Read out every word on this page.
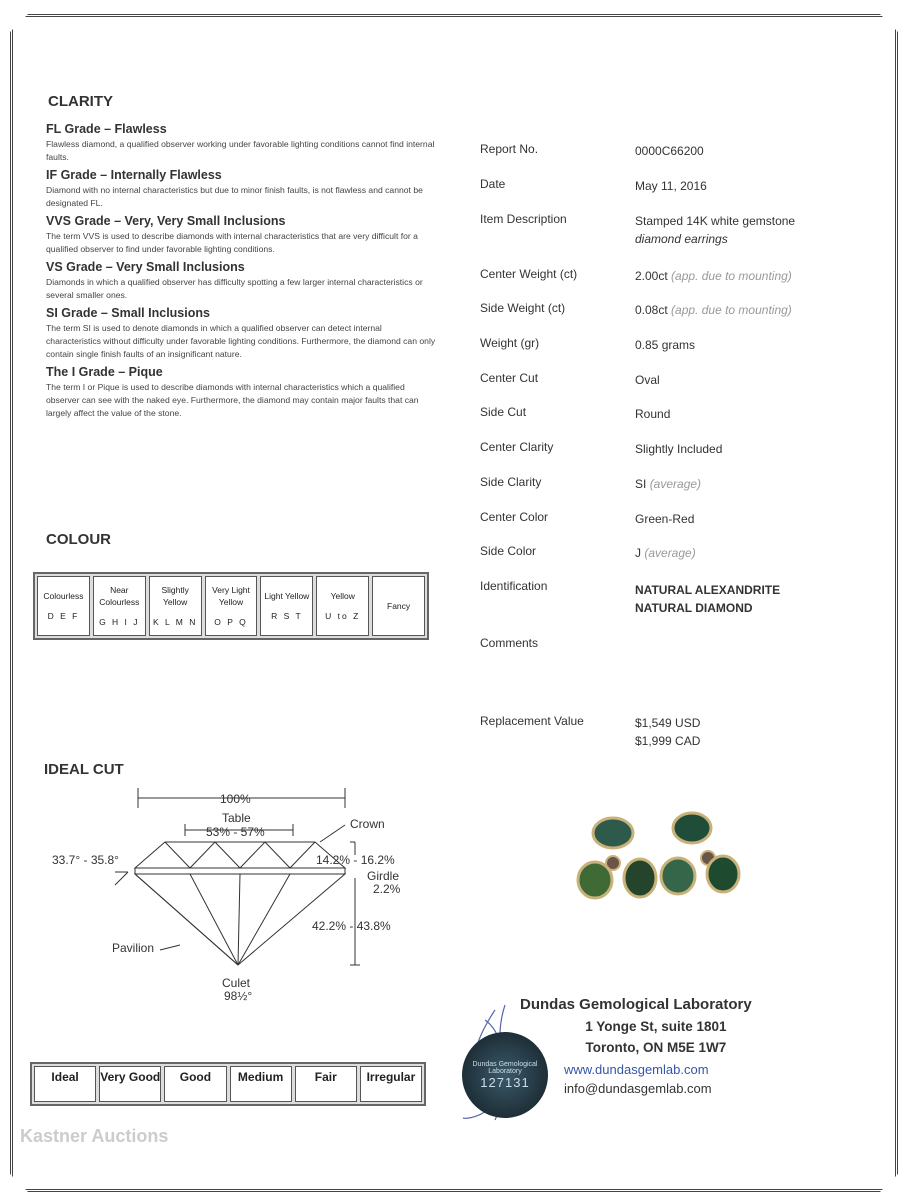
CLARITY
FL Grade – Flawless

Flawless diamond, a qualified observer working under favorable lighting conditions cannot find internal faults.

IF Grade – Internally Flawless

Diamond with no internal characteristics but due to minor finish faults, is not flawless and cannot be designated FL.

VVS Grade – Very, Very Small Inclusions

The term VVS is used to describe diamonds with internal characteristics that are very difficult for a qualified observer to find under favorable lighting conditions.

VS Grade – Very Small Inclusions

Diamonds in which a qualified observer has difficulty spotting a few larger internal characteristics or several smaller ones.

SI Grade – Small Inclusions

The term SI is used to denote diamonds in which a qualified observer can detect internal characteristics without difficulty under favorable lighting conditions. Furthermore, the diamond can only contain single finish faults of an insignificant nature.

The I Grade – Pique

The term I or Pique is used to describe diamonds with internal characteristics which a qualified observer can see with the naked eye. Furthermore, the diamond may contain major faults that can largely affect the value of the stone.

COLOUR
Colourless
D E F
Near Colourless
G H I J
Slightly Yellow
K L M N
Very Light Yellow
O P Q
Light Yellow
R S T
Yellow
U to Z
Fancy
IDEAL CUT
100%
Table
53% - 57%
Crown
33.7° - 35.8°	14.2% - 16.2%
Girdle
2.2%
42.2% - 43.8%
Pavilion
Culet
98½°
Ideal	Very Good	Good	Medium	Fair	Irregular
Report No.	0000C66200
Date	May 11, 2016
Item Description	Stamped 14K white gemstone
diamond earrings
Center Weight (ct)	2.00ct (app. due to mounting)
Side Weight (ct)	0.08ct (app. due to mounting)
Weight (gr)	0.85 grams
Center Cut	Oval
Side Cut	Round
Center Clarity	Slightly Included
Side Clarity	SI (average)
Center Color	Green-Red
Side Color	J (average)
Identification	NATURAL ALEXANDRITE
NATURAL DIAMOND
Comments
Replacement Value	$1,549 USD
$1,999 CAD
Dundas Gemological Laboratory
127131
Dundas Gemological Laboratory
1 Yonge St, suite 1801
Toronto, ON M5E 1W7
www.dundasgemlab.com
info@dundasgemlab.com
Kastner Auctions
